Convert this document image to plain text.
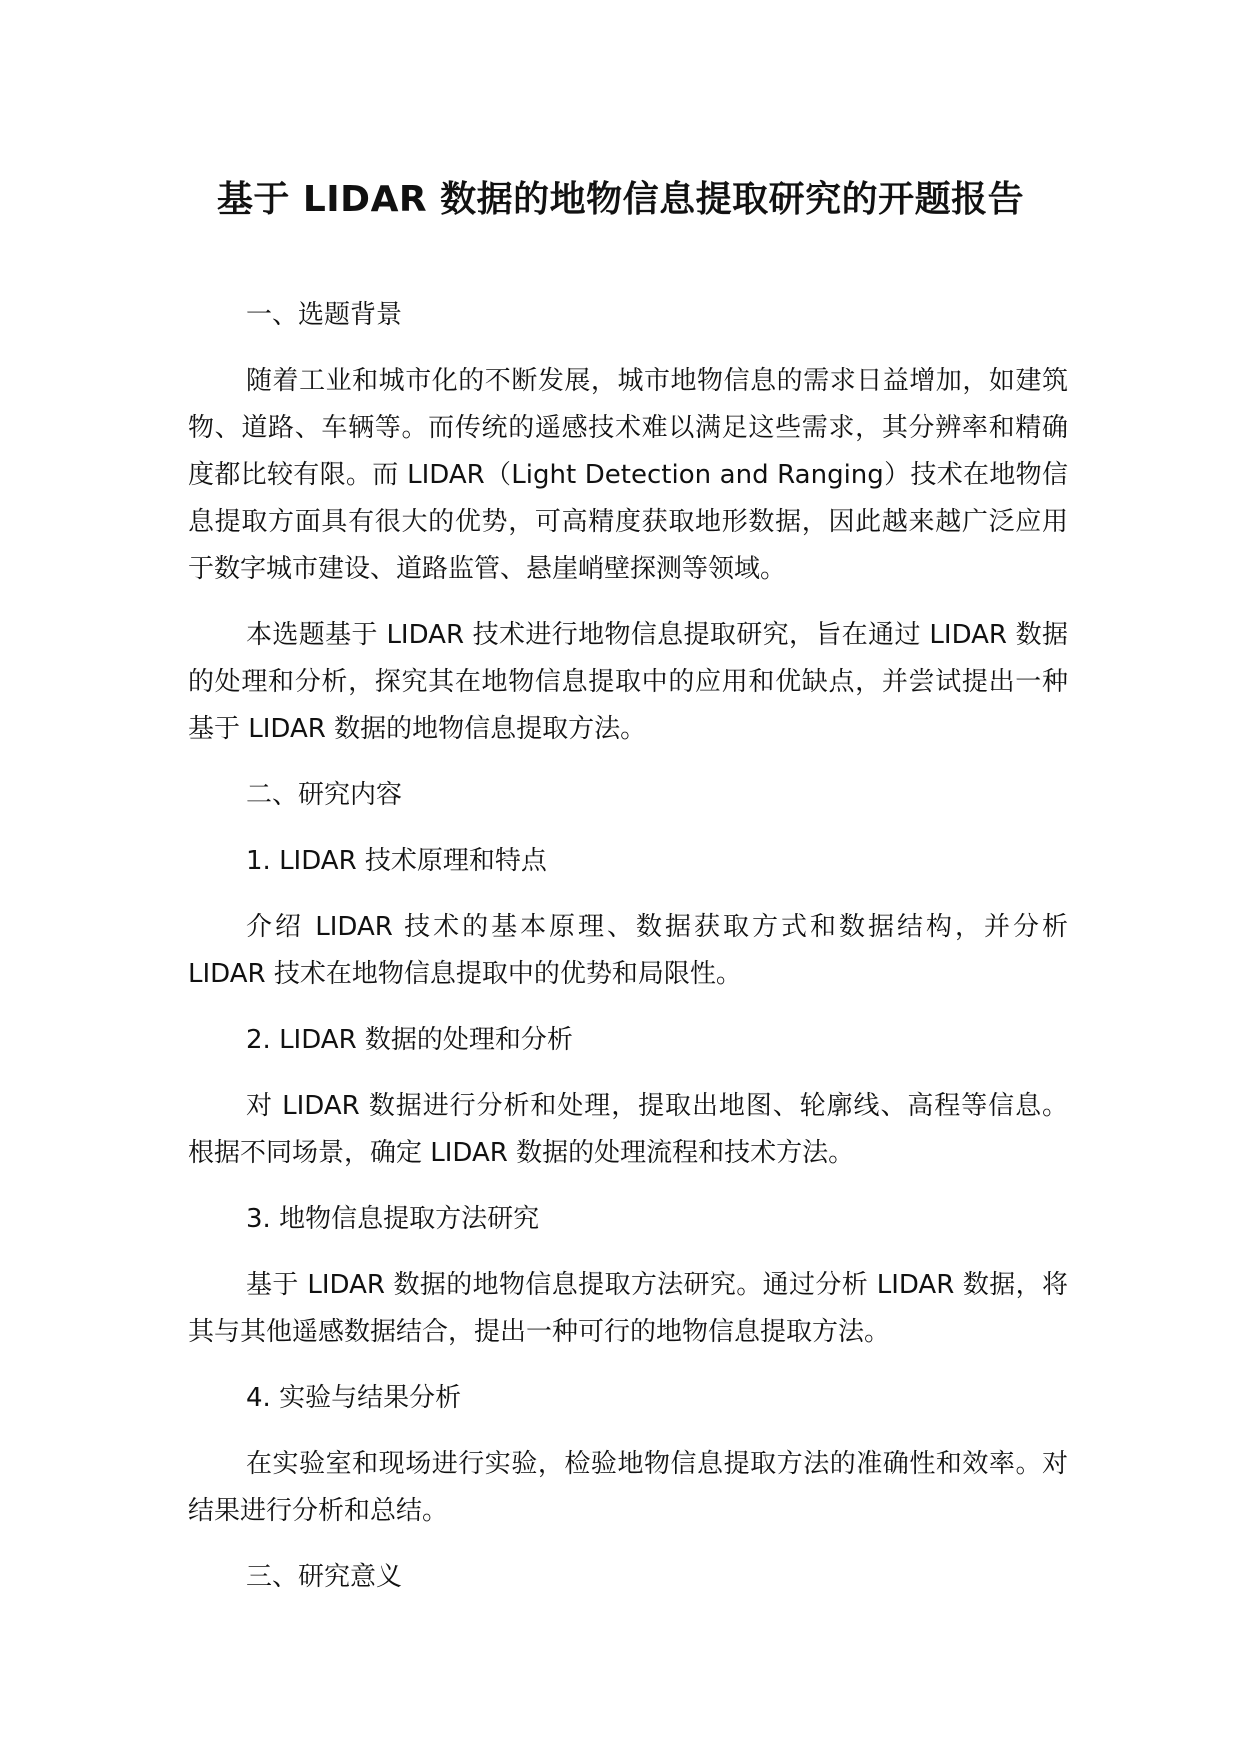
基于 LIDAR 数据的地物信息提取研究的开题报告

一、选题背景

随着工业和城市化的不断发展，城市地物信息的需求日益增加，如建筑物、道路、车辆等。而传统的遥感技术难以满足这些需求，其分辨率和精确度都比较有限。而 LIDAR（Light Detection and Ranging）技术在地物信息提取方面具有很大的优势，可高精度获取地形数据，因此越来越广泛应用于数字城市建设、道路监管、悬崖峭壁探测等领域。

本选题基于 LIDAR 技术进行地物信息提取研究，旨在通过 LIDAR 数据的处理和分析，探究其在地物信息提取中的应用和优缺点，并尝试提出一种基于 LIDAR 数据的地物信息提取方法。

二、研究内容

1. LIDAR 技术原理和特点

介绍 LIDAR 技术的基本原理、数据获取方式和数据结构，并分析 LIDAR 技术在地物信息提取中的优势和局限性。

2. LIDAR 数据的处理和分析

对 LIDAR 数据进行分析和处理，提取出地图、轮廓线、高程等信息。根据不同场景，确定 LIDAR 数据的处理流程和技术方法。

3. 地物信息提取方法研究

基于 LIDAR 数据的地物信息提取方法研究。通过分析 LIDAR 数据，将其与其他遥感数据结合，提出一种可行的地物信息提取方法。

4. 实验与结果分析

在实验室和现场进行实验，检验地物信息提取方法的准确性和效率。对结果进行分析和总结。

三、研究意义
